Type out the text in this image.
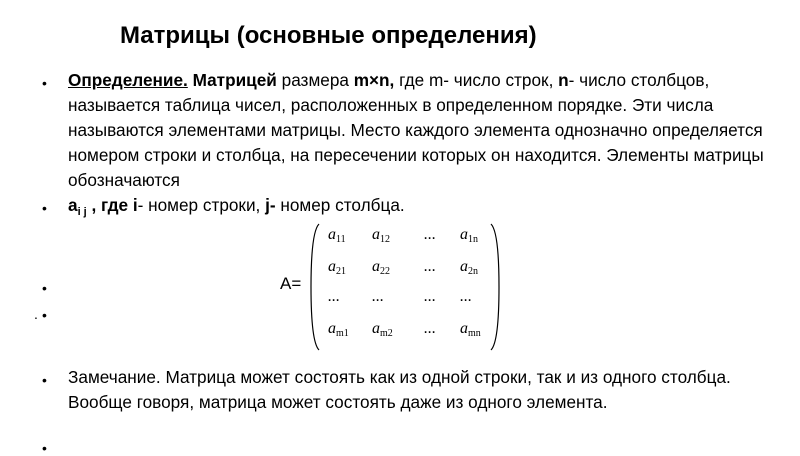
Матрицы (основные определения)
• Определение. Матрицей размера m×n, где m- число строк, n- число столбцов, называется таблица чисел, расположенных в определенном порядке. Эти числа называются элементами матрицы. Место каждого элемента однозначно определяется номером строки и столбца, на пересечении которых он находится. Элементы матрицы обозначаются

• $a_{i j}$ , где i- номер строки, j- номер столбца.

•
. •
A=
$a_{11}$ $a_{12}$ ... $a_{1n}$
$a_{21}$ $a_{22}$ ... $a_{2n}$
... ...	... ...
$a_{m1}$ $a_{m2}$ ... $a_{mn}$
• Замечание. Матрица может состоять как из одной строки, так и из одного столбца. Вообще говоря, матрица может состоять даже из одного элемента.

•
